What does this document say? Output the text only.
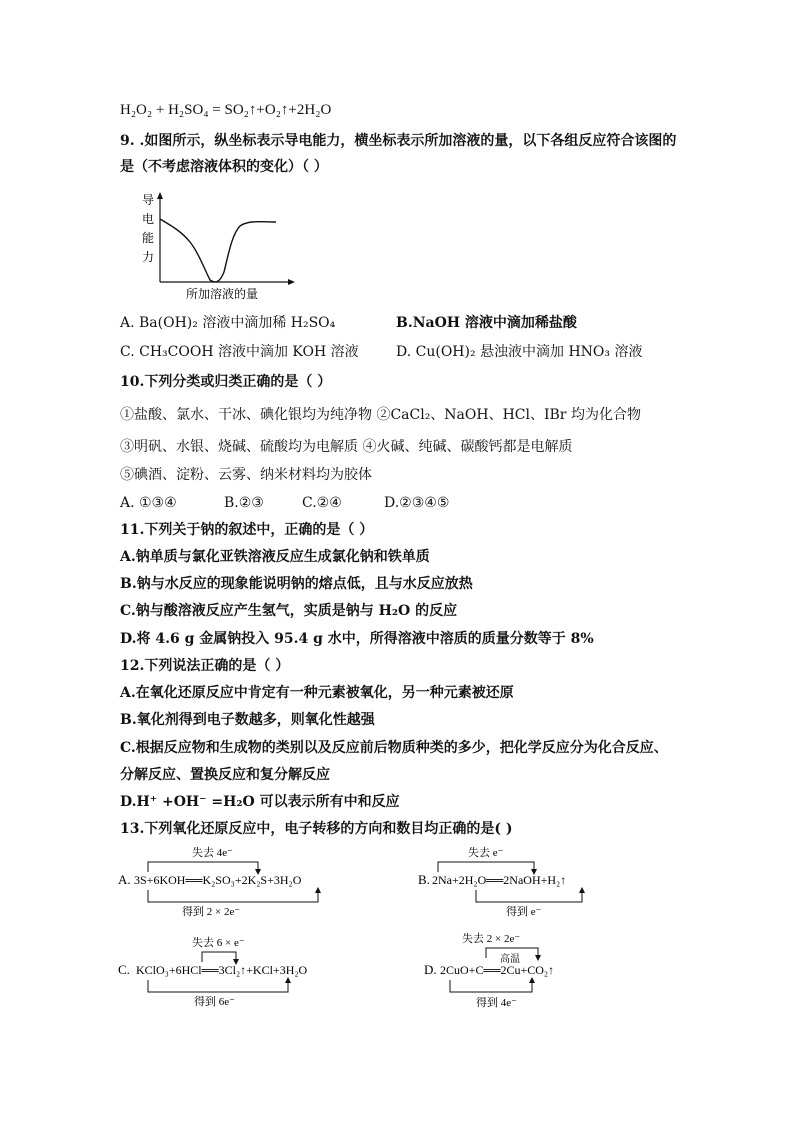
H₂O₂ + H₂SO₄ = SO₂↑+O₂↑+2H₂O
9. .如图所示，纵坐标表示导电能力，横坐标表示所加溶液的量，以下各组反应符合该图的
是（不考虑溶液体积的变化）（ ）
导
电
能
力
所加溶液的量
A. Ba(OH)₂ 溶液中滴加稀 H₂SO₄	B.NaOH 溶液中滴加稀盐酸
C. CH₃COOH 溶液中滴加 KOH 溶液	D. Cu(OH)₂ 悬浊液中滴加 HNO₃ 溶液
10.下列分类或归类正确的是（ ）
①盐酸、氯水、干冰、碘化银均为纯净物 ②CaCl₂、NaOH、HCl、IBr 均为化合物
③明矾、水银、烧碱、硫酸均为电解质 ④火碱、纯碱、碳酸钙都是电解质
⑤碘酒、淀粉、云雾、纳米材料均为胶体
A. ①③④	B.②③	C.②④	D.②③④⑤
11.下列关于钠的叙述中，正确的是（ ）
A.钠单质与氯化亚铁溶液反应生成氯化钠和铁单质
B.钠与水反应的现象能说明钠的熔点低，且与水反应放热
C.钠与酸溶液反应产生氢气，实质是钠与 H₂O 的反应
D.将 4.6 g 金属钠投入 95.4 g 水中，所得溶液中溶质的质量分数等于 8%
12.下列说法正确的是（ ）
A.在氧化还原反应中肯定有一种元素被氧化，另一种元素被还原
B.氧化剂得到电子数越多，则氧化性越强
C.根据反应物和生成物的类别以及反应前后物质种类的多少，把化学反应分为化合反应、
分解反应、置换反应和复分解反应
D.H⁺ +OH⁻ =H₂O 可以表示所有中和反应
13.下列氧化还原反应中，电子转移的方向和数目均正确的是( )
失去 4e⁻
A. 3S+6KOH══K₂SO₃+2K₂S+3H₂O
得到 2 × 2e⁻
失去 e⁻
B. 2Na+2H₂O══2NaOH+H₂↑
得到 e⁻
失去 6 × e⁻
C. KClO₃+6HCl══3Cl₂↑+KCl+3H₂O
得到 6e⁻
失去 2 × 2e⁻
高温
D. 2CuO+C══2Cu+CO₂↑
得到 4e⁻
